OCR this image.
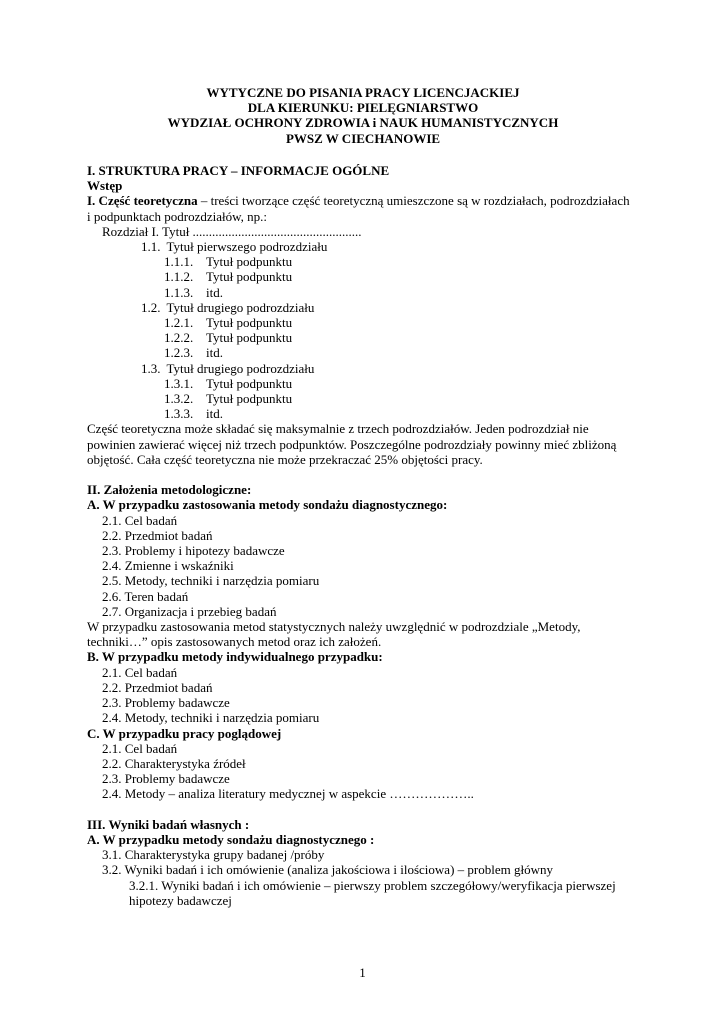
WYTYCZNE DO PISANIA PRACY LICENCJACKIEJ
DLA KIERUNKU: PIELĘGNIARSTWO
WYDZIAŁ OCHRONY ZDROWIA i NAUK HUMANISTYCZNYCH
PWSZ W CIECHANOWIE
I. STRUKTURA PRACY – INFORMACJE OGÓLNE
Wstęp
I. Część teoretyczna – treści tworzące część teoretyczną umieszczone są w rozdziałach, podrozdziałach
i podpunktach podrozdziałów, np.:
Rozdział I. Tytuł ....................................................
1.1. Tytuł pierwszego podrozdziału
1.1.1. Tytuł podpunktu
1.1.2. Tytuł podpunktu
1.1.3. itd.
1.2. Tytuł drugiego podrozdziału
1.2.1. Tytuł podpunktu
1.2.2. Tytuł podpunktu
1.2.3. itd.
1.3. Tytuł drugiego podrozdziału
1.3.1. Tytuł podpunktu
1.3.2. Tytuł podpunktu
1.3.3. itd.
Część teoretyczna może składać się maksymalnie z trzech podrozdziałów. Jeden podrozdział nie
powinien zawierać więcej niż trzech podpunktów. Poszczególne podrozdziały powinny mieć zbliżoną
objętość. Cała część teoretyczna nie może przekraczać 25% objętości pracy.
II. Założenia metodologiczne:
A. W przypadku zastosowania metody sondażu diagnostycznego:
2.1. Cel badań
2.2. Przedmiot badań
2.3. Problemy i hipotezy badawcze
2.4. Zmienne i wskaźniki
2.5. Metody, techniki i narzędzia pomiaru
2.6. Teren badań
2.7. Organizacja i przebieg badań
W przypadku zastosowania metod statystycznych należy uwzględnić w podrozdziale „Metody,
techniki…” opis zastosowanych metod oraz ich założeń.
B. W przypadku metody indywidualnego przypadku:
2.1. Cel badań
2.2. Przedmiot badań
2.3. Problemy badawcze
2.4. Metody, techniki i narzędzia pomiaru
C. W przypadku pracy poglądowej
2.1. Cel badań
2.2. Charakterystyka źródeł
2.3. Problemy badawcze
2.4. Metody – analiza literatury medycznej w aspekcie ………………..
III. Wyniki badań własnych :
A. W przypadku metody sondażu diagnostycznego :
3.1. Charakterystyka grupy badanej /próby
3.2. Wyniki badań i ich omówienie (analiza jakościowa i ilościowa) – problem główny
3.2.1. Wyniki badań i ich omówienie – pierwszy problem szczegółowy/weryfikacja pierwszej
hipotezy badawczej
1
